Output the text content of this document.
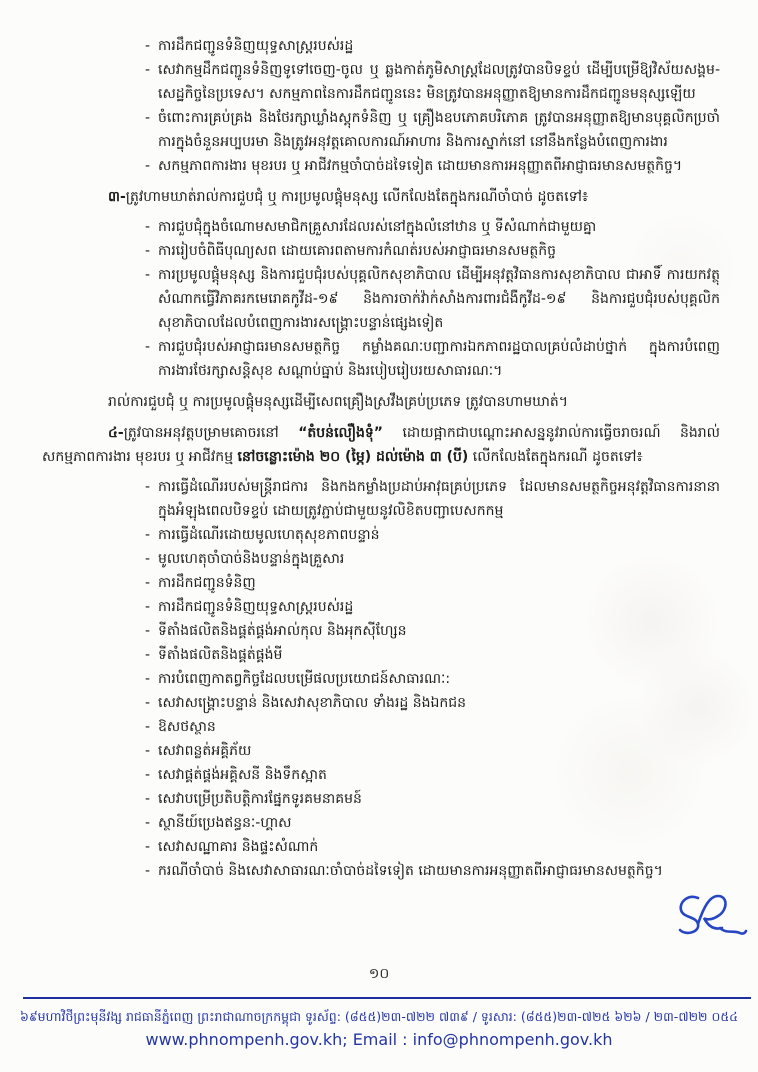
- ការដឹកជញ្ជូនទំនិញយុទ្ធសាស្ត្ររបស់រដ្ឋ
- សេវាកម្មដឹកជញ្ជូនទំនិញទូទៅចេញ-ចូល ឬ ឆ្លងកាត់ភូមិសាស្ត្រដែលត្រូវបានបិទខ្ទប់ ដើម្បីបម្រើឱ្យវិស័យសង្គម-សេដ្ឋកិច្ចនៃប្រទេស។ សកម្មភាពនៃការដឹកជញ្ជូននេះ មិនត្រូវបានអនុញ្ញាតឱ្យមានការដឹកជញ្ជូនមនុស្សឡើយ
- ចំពោះការគ្រប់គ្រង និងថែរក្សាឃ្លាំងស្តុកទំនិញ ឬ គ្រឿងឧបភោគបរិភោគ ត្រូវបានអនុញ្ញាតឱ្យមានបុគ្គលិកប្រចាំការក្នុងចំនួនអប្បបរមា និងត្រូវអនុវត្តគោលការណ៍អាហារ និងការស្នាក់នៅ នៅនឹងកន្លែងបំពេញការងារ
- សកម្មភាពការងារ មុខរបរ ឬ អាជីវកម្មចាំបាច់ដទៃទៀត ដោយមានការអនុញ្ញាតពីអាជ្ញាធរមានសមត្ថកិច្ច។

៣-ត្រូវហាមឃាត់រាល់ការជួបជុំ ឬ ការប្រមូលផ្តុំមនុស្ស លើកលែងតែក្នុងករណីចាំបាច់ ដូចតទៅ៖

- ការជួបជុំក្នុងចំណោមសមាជិកគ្រួសារដែលរស់នៅក្នុងលំនៅឋាន ឬ ទីសំណាក់ជាមួយគ្នា
- ការរៀបចំពិធីបុណ្យសព ដោយគោរពតាមការកំណត់របស់អាជ្ញាធរមានសមត្ថកិច្ច
- ការប្រមូលផ្តុំមនុស្ស និងការជួបជុំរបស់បុគ្គលិកសុខាភិបាល ដើម្បីអនុវត្តវិធានការសុខាភិបាល ជាអាទិ៍ ការយកវត្ថុសំណាកធ្វើវិភាគរកមេរោគកូវីដ-១៩ និងការចាក់វ៉ាក់សាំងការពារជំងឺកូវីដ-១៩ និងការជួបជុំរបស់បុគ្គលិកសុខាភិបាលដែលបំពេញការងារសង្គ្រោះបន្ទាន់ផ្សេងទៀត
- ការជួបជុំរបស់អាជ្ញាធរមានសមត្ថកិច្ច កម្លាំងគណៈបញ្ជាការឯកភាពរដ្ឋបាលគ្រប់លំដាប់ថ្នាក់ ក្នុងការបំពេញការងារថែរក្សាសន្តិសុខ សណ្តាប់ធ្នាប់ និងរបៀបរៀបរយសាធារណៈ។

រាល់ការជួបជុំ ឬ ការប្រមូលផ្តុំមនុស្សដើម្បីសេពគ្រឿងស្រវឹងគ្រប់ប្រភេទ ត្រូវបានហាមឃាត់។

៤-ត្រូវបានអនុវត្តបម្រាមគោចរនៅ “តំបន់លឿងទុំ” ដោយផ្អាកជាបណ្តោះអាសន្ននូវរាល់ការធ្វើចរាចរណ៍ និងរាល់សកម្មភាពការងារ មុខរបរ ឬ អាជីវកម្ម នៅចន្លោះម៉ោង ២០ (ម្ភៃ) ដល់ម៉ោង ៣ (បី) លើកលែងតែក្នុងករណី ដូចតទៅ៖

- ការធ្វើដំណើររបស់មន្ត្រីរាជការ និងកងកម្លាំងប្រដាប់អាវុធគ្រប់ប្រភេទ ដែលមានសមត្ថកិច្ចអនុវត្តវិធានការនានា ក្នុងអំឡុងពេលបិទខ្ទប់ ដោយត្រូវភ្ជាប់ជាមួយនូវលិខិតបញ្ជាបេសកកម្ម
- ការធ្វើដំណើរដោយមូលហេតុសុខភាពបន្ទាន់
- មូលហេតុចាំបាច់និងបន្ទាន់ក្នុងគ្រួសារ
- ការដឹកជញ្ជូនទំនិញ
- ការដឹកជញ្ជូនទំនិញយុទ្ធសាស្ត្ររបស់រដ្ឋ
- ទីតាំងផលិតនិងផ្គត់ផ្គង់អាល់កុល និងអុកស៊ីហ្សែន
- ទីតាំងផលិតនិងផ្គត់ផ្គង់មី
- ការបំពេញកាតព្វកិច្ចដែលបម្រើផលប្រយោជន៍សាធារណៈ:
- សេវាសង្គ្រោះបន្ទាន់ និងសេវាសុខាភិបាល ទាំងរដ្ឋ និងឯកជន
- ឱសថស្ថាន
- សេវាពន្លត់អគ្គិភ័យ
- សេវាផ្គត់ផ្គង់អគ្គិសនី និងទឹកស្អាត
- សេវាបម្រើប្រតិបត្តិការផ្នែកទូរគមនាគមន៍
- ស្ថានីយ៍ប្រេងឥន្ធនៈ-ហ្គាស
- សេវាសណ្ឋាគារ និងផ្ទះសំណាក់
- ករណីចាំបាច់ និងសេវាសាធារណៈចាំបាច់ដទៃទៀត ដោយមានការអនុញ្ញាតពីអាជ្ញាធរមានសមត្ថកិច្ច។
១០
៦៩មហាវិថីព្រះមុនីវង្ស រាជធានីភ្នំពេញ ព្រះរាជាណាចក្រកម្ពុជា ទូរស័ព្ទ: (៨៥៥)២៣-៧២២ ៧៣៩ / ទូរសារ: (៨៥៥)២៣-៧២៥ ៦២៦ / ២៣-៧២២ ០៥៤
www.phnompenh.gov.kh; Email : info@phnompenh.gov.kh
